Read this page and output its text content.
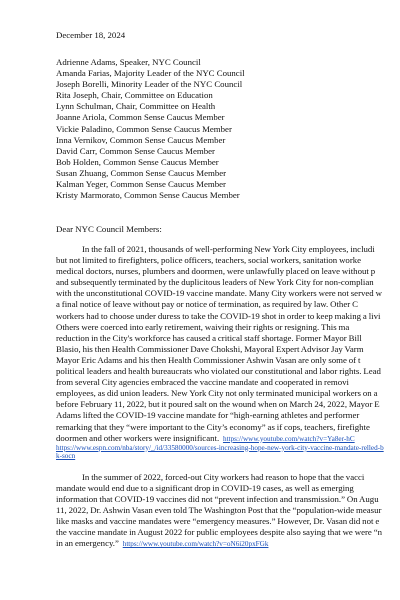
December 18, 2024
Adrienne Adams, Speaker, NYC Council
Amanda Farias, Majority Leader of the NYC Council
Joseph Borelli, Minority Leader of the NYC Council
Rita Joseph, Chair, Committee on Education
Lynn Schulman, Chair, Committee on Health
Joanne Ariola, Common Sense Caucus Member
Vickie Paladino, Common Sense Caucus Member
Inna Vernikov, Common Sense Caucus Member
David Carr, Common Sense Caucus Member
Bob Holden, Common Sense Caucus Member
Susan Zhuang, Common Sense Caucus Member
Kalman Yeger, Common Sense Caucus Member
Kristy Marmorato, Common Sense Caucus Member
Dear NYC Council Members:
In the fall of 2021, thousands of well-performing New York City employees, includi
but not limited to firefighters, police officers, teachers, social workers, sanitation worke
medical doctors, nurses, plumbers and doormen, were unlawfully placed on leave without p
and subsequently terminated by the duplicitous leaders of New York City for non-complian
with the unconstitutional COVID-19 vaccine mandate. Many City workers were not served w
a final notice of leave without pay or notice of termination, as required by law. Other C
workers had to choose under duress to take the COVID-19 shot in order to keep making a livi
Others were coerced into early retirement, waiving their rights or resigning. This ma
reduction in the City's workforce has caused a critical staff shortage. Former Mayor Bill
Blasio, his then Health Commissioner Dave Chokshi, Mayoral Expert Advisor Jay Varm
Mayor Eric Adams and his then Health Commissioner Ashwin Vasan are only some of t
political leaders and health bureaucrats who violated our constitutional and labor rights. Lead
from several City agencies embraced the vaccine mandate and cooperated in removi
employees, as did union leaders. New York City not only terminated municipal workers on a
before February 11, 2022, but it poured salt on the wound when on March 24, 2022, Mayor E
Adams lifted the COVID-19 vaccine mandate for “high-earning athletes and performer
remarking that they “were important to the City’s economy” as if cops, teachers, firefighte
doormen and other workers were insignificant. https://www.youtube.com/watch?v=Ya8er-hC
https://www.espn.com/nba/story/_/id/33580000/sources-increasing-hope-new-york-city-vaccine-mandate-relled-b
k-socn
In the summer of 2022, forced-out City workers had reason to hope that the vacci
mandate would end due to a significant drop in COVID-19 cases, as well as emerging
information that COVID-19 vaccines did not “prevent infection and transmission.” On Augu
11, 2022, Dr. Ashwin Vasan even told The Washington Post that the “population-wide measur
like masks and vaccine mandates were “emergency measures.” However, Dr. Vasan did not e
the vaccine mandate in August 2022 for public employees despite also saying that we were “n
in an emergency.” https://www.youtube.com/watch?v=oN6i20pxFGk
